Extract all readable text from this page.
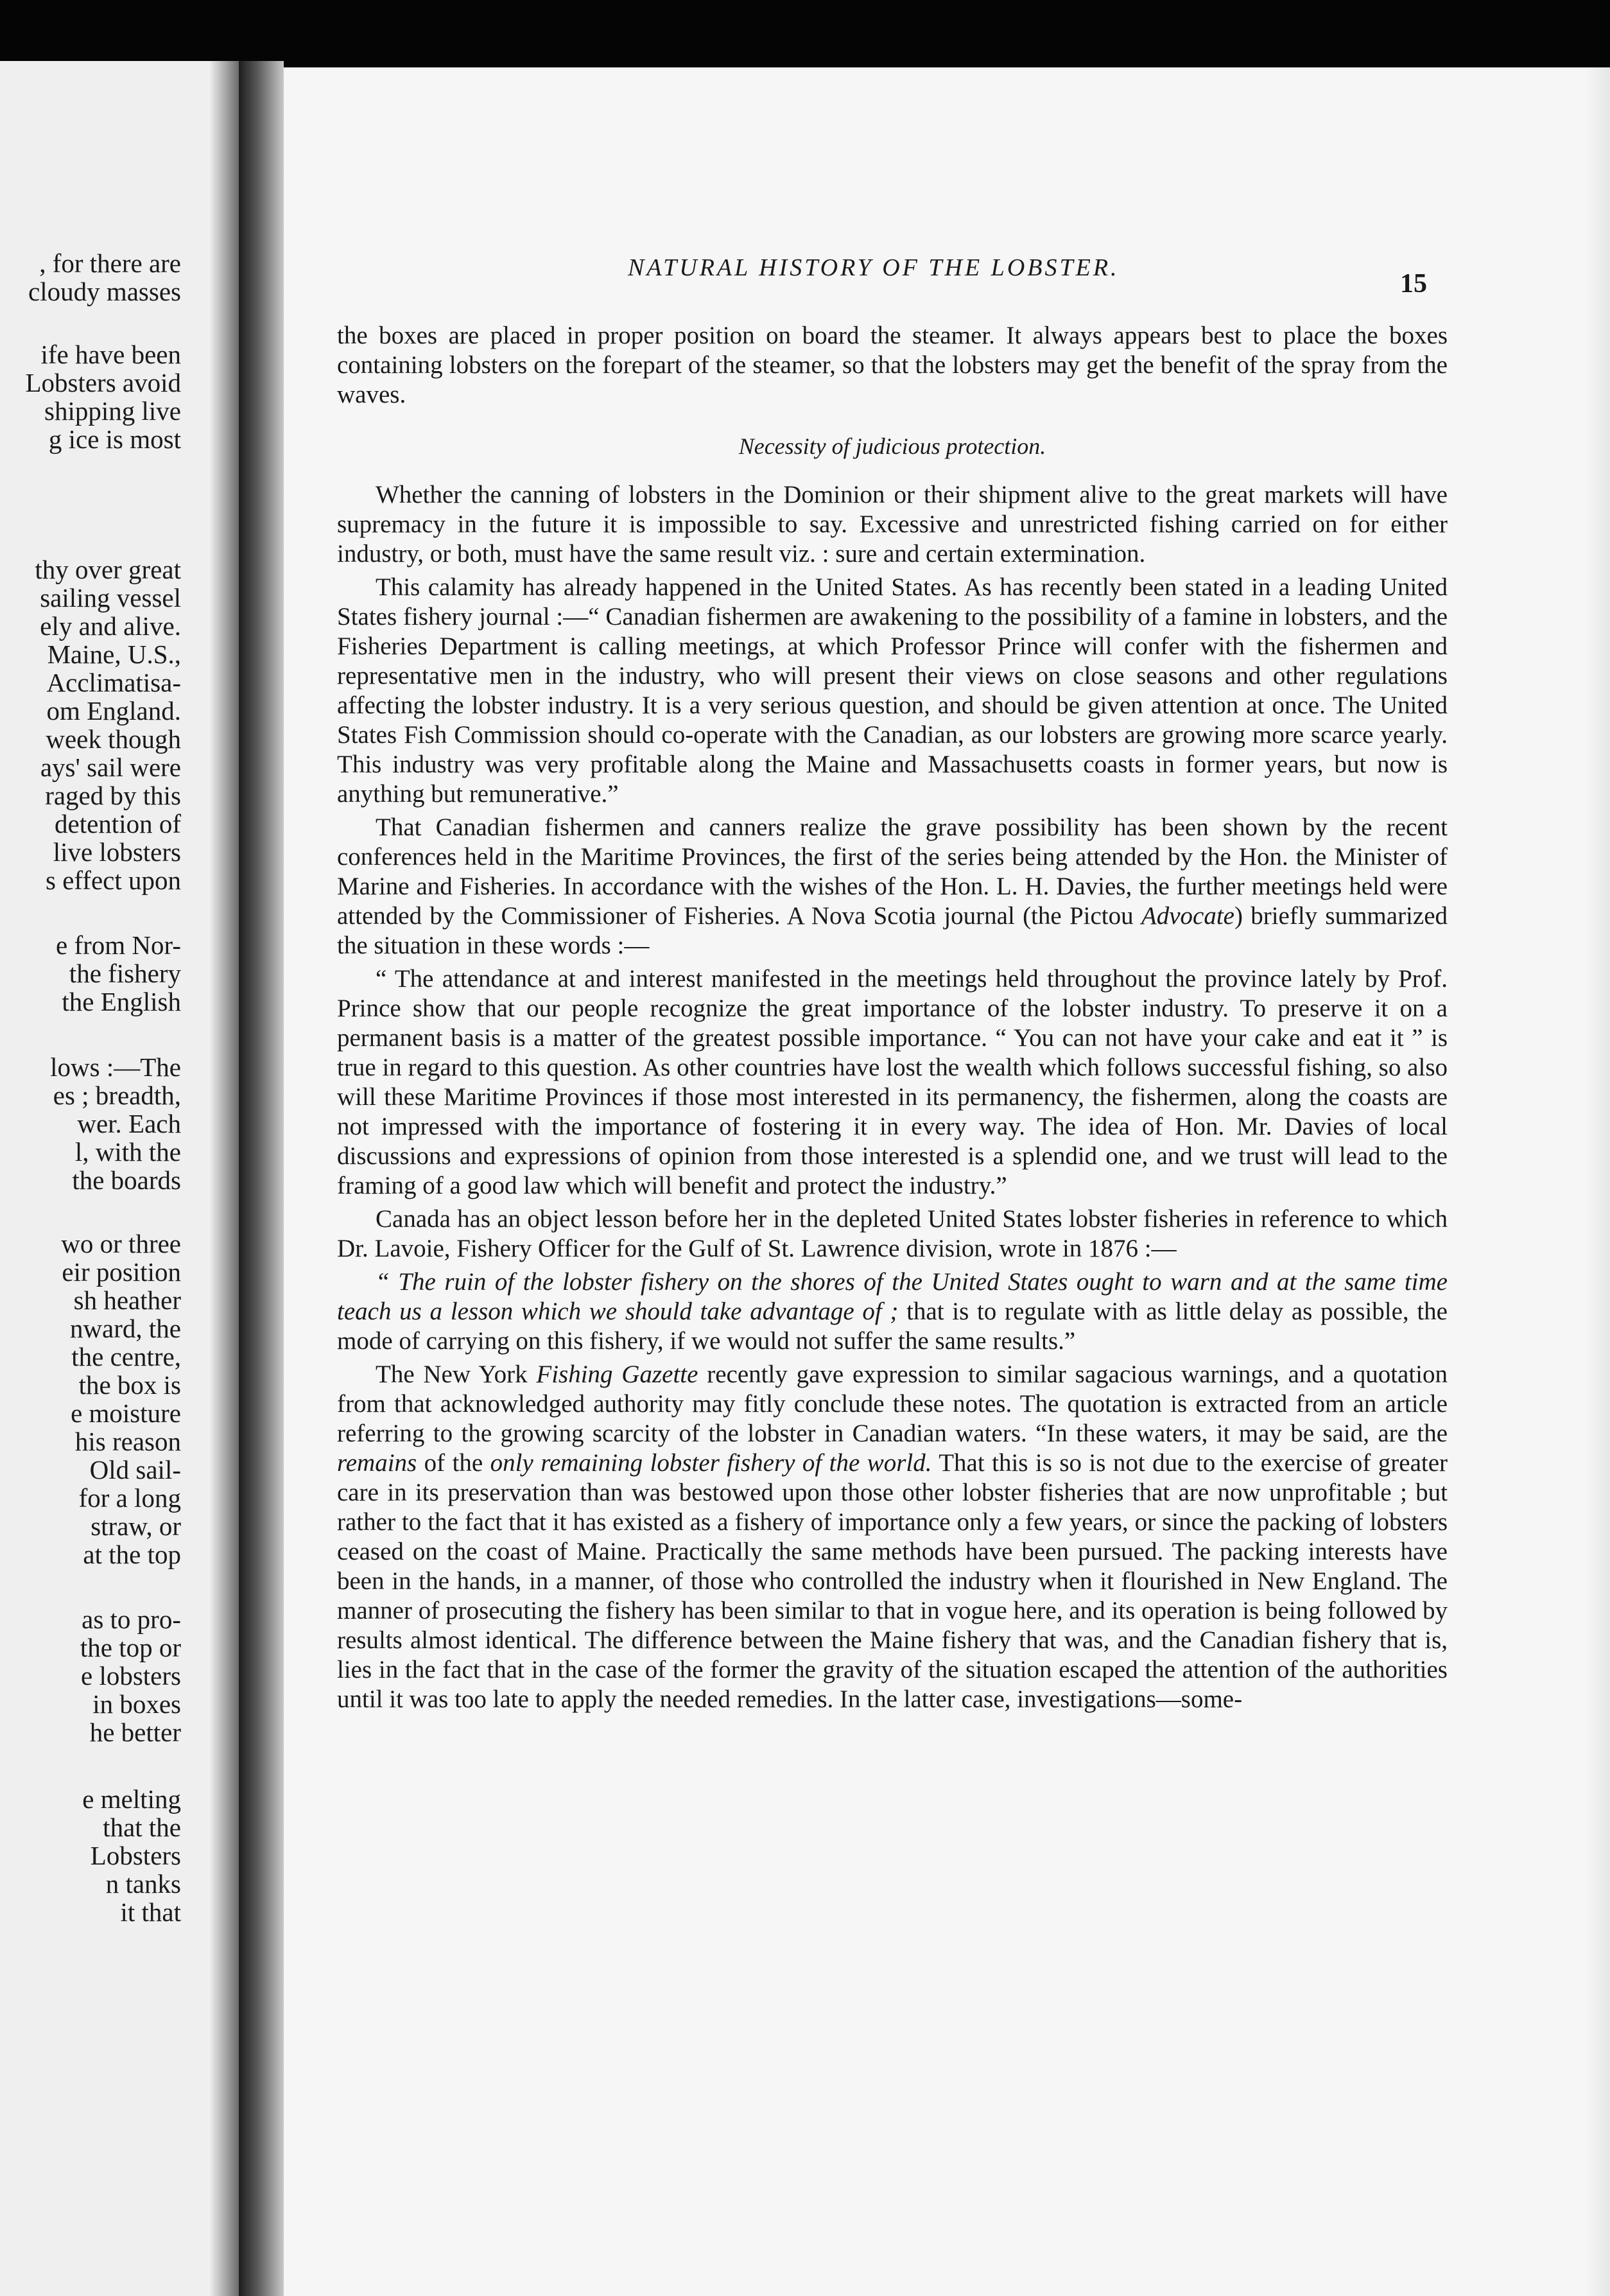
, for there are
cloudy masses
ife have been
Lobsters avoid
shipping live
g ice is most
thy over great
sailing vessel
ely and alive.
Maine, U.S.,
Acclimatisa-
om England.
week though
ays' sail were
raged by this
detention of
live lobsters
s effect upon
e from Nor-
the fishery
the English
lows :—The
es ; breadth,
wer. Each
l, with the
the boards
wo or three
eir position
sh heather
nward, the
the centre,
the box is
e moisture
his reason
Old sail-
for a long
straw, or
at the top
as to pro-
the top or
e lobsters
in boxes
he better
e melting
that the
Lobsters
n tanks
it that
NATURAL HISTORY OF THE LOBSTER.
15

the boxes are placed in proper position on board the steamer. It always appears best to place the boxes containing lobsters on the forepart of the steamer, so that the lobsters may get the benefit of the spray from the waves.

Necessity of judicious protection.

Whether the canning of lobsters in the Dominion or their shipment alive to the great markets will have supremacy in the future it is impossible to say. Excessive and unrestricted fishing carried on for either industry, or both, must have the same result viz. : sure and certain extermination.

This calamity has already happened in the United States. As has recently been stated in a leading United States fishery journal :—“ Canadian fishermen are awakening to the possibility of a famine in lobsters, and the Fisheries Department is calling meetings, at which Professor Prince will confer with the fishermen and representative men in the industry, who will present their views on close seasons and other regulations affecting the lobster industry. It is a very serious question, and should be given attention at once. The United States Fish Commission should co-operate with the Canadian, as our lobsters are growing more scarce yearly. This industry was very profitable along the Maine and Massachusetts coasts in former years, but now is anything but remunerative.”

That Canadian fishermen and canners realize the grave possibility has been shown by the recent conferences held in the Maritime Provinces, the first of the series being attended by the Hon. the Minister of Marine and Fisheries. In accordance with the wishes of the Hon. L. H. Davies, the further meetings held were attended by the Commissioner of Fisheries. A Nova Scotia journal (the Pictou Advocate) briefly summarized the situation in these words :—

“ The attendance at and interest manifested in the meetings held throughout the province lately by Prof. Prince show that our people recognize the great importance of the lobster industry. To preserve it on a permanent basis is a matter of the greatest possible importance. “ You can not have your cake and eat it ” is true in regard to this question. As other countries have lost the wealth which follows successful fishing, so also will these Maritime Provinces if those most interested in its permanency, the fishermen, along the coasts are not impressed with the importance of fostering it in every way. The idea of Hon. Mr. Davies of local discussions and expressions of opinion from those interested is a splendid one, and we trust will lead to the framing of a good law which will benefit and protect the industry.”

Canada has an object lesson before her in the depleted United States lobster fisheries in reference to which Dr. Lavoie, Fishery Officer for the Gulf of St. Lawrence division, wrote in 1876 :—

“ The ruin of the lobster fishery on the shores of the United States ought to warn and at the same time teach us a lesson which we should take advantage of ; that is to regulate with as little delay as possible, the mode of carrying on this fishery, if we would not suffer the same results.”

The New York Fishing Gazette recently gave expression to similar sagacious warnings, and a quotation from that acknowledged authority may fitly conclude these notes. The quotation is extracted from an article referring to the growing scarcity of the lobster in Canadian waters. “In these waters, it may be said, are the remains of the only remaining lobster fishery of the world. That this is so is not due to the exercise of greater care in its preservation than was bestowed upon those other lobster fisheries that are now unprofitable ; but rather to the fact that it has existed as a fishery of importance only a few years, or since the packing of lobsters ceased on the coast of Maine. Practically the same methods have been pursued. The packing interests have been in the hands, in a manner, of those who controlled the industry when it flourished in New England. The manner of prosecuting the fishery has been similar to that in vogue here, and its operation is being followed by results almost identical. The difference between the Maine fishery that was, and the Canadian fishery that is, lies in the fact that in the case of the former the gravity of the situation escaped the attention of the authorities until it was too late to apply the needed remedies. In the latter case, investigations—some-
